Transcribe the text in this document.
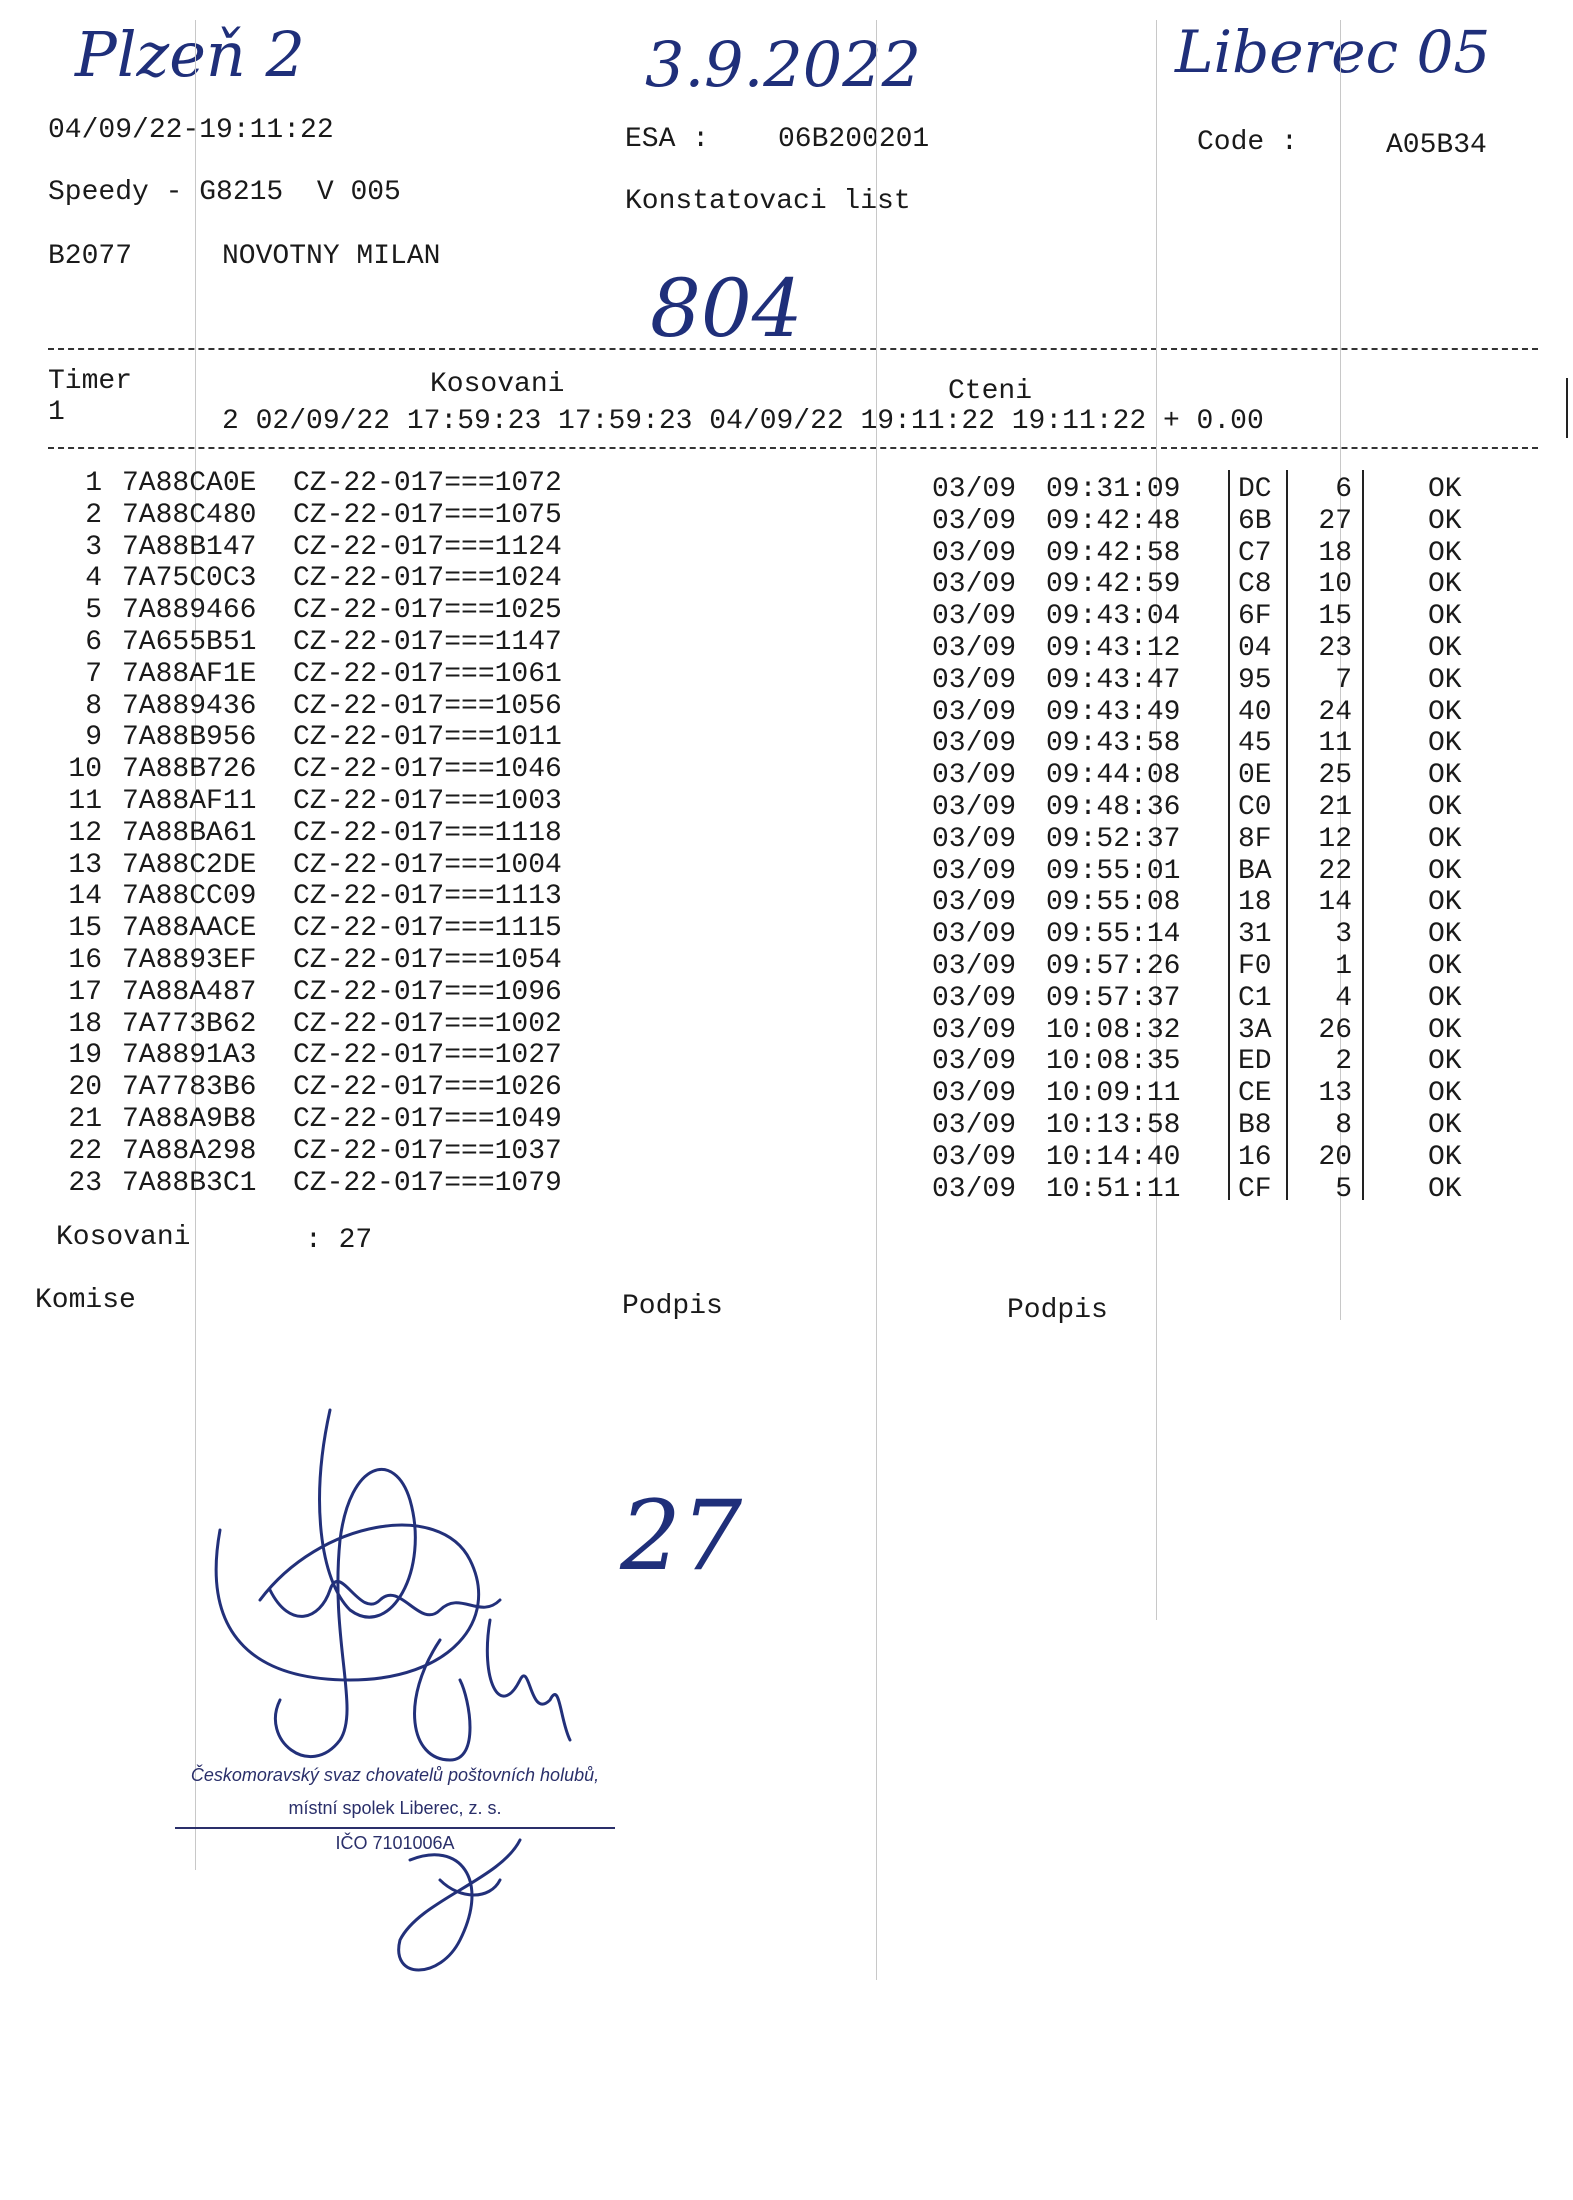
Plzeň 2	3.9.2022	Liberec 05
04/09/22-19:11:22	ESA : 06B200201	Code :	A05B34
Speedy - G8215  V 005	Konstatovaci list
B2077	NOVOTNY MILAN
804
Timer
1
Kosovani	Cteni
2 02/09/22 17:59:23 17:59:23 04/09/22 19:11:22 19:11:22 + 0.00
1 7A88CA0E CZ-22-017===1072	03/09 09:31:09 DC	6	OK
2 7A88C480 CZ-22-017===1075	03/09 09:42:48 6B	27	OK
3 7A88B147 CZ-22-017===1124	03/09 09:42:58 C7	18	OK
4 7A75C0C3 CZ-22-017===1024	03/09 09:42:59 C8	10	OK
5 7A889466 CZ-22-017===1025	03/09 09:43:04 6F	15	OK
6 7A655B51 CZ-22-017===1147	03/09 09:43:12 04	23	OK
7 7A88AF1E CZ-22-017===1061	03/09 09:43:47 95	7	OK
8 7A889436 CZ-22-017===1056	03/09 09:43:49 40	24	OK
9 7A88B956 CZ-22-017===1011	03/09 09:43:58 45	11	OK
10 7A88B726 CZ-22-017===1046	03/09 09:44:08 0E	25	OK
11 7A88AF11 CZ-22-017===1003	03/09 09:48:36 C0	21	OK
12 7A88BA61 CZ-22-017===1118	03/09 09:52:37 8F	12	OK
13 7A88C2DE CZ-22-017===1004	03/09 09:55:01 BA	22	OK
14 7A88CC09 CZ-22-017===1113	03/09 09:55:08 18	14	OK
15 7A88AACE CZ-22-017===1115	03/09 09:55:14 31	3	OK
16 7A8893EF CZ-22-017===1054	03/09 09:57:26 F0	1	OK
17 7A88A487 CZ-22-017===1096	03/09 09:57:37 C1	4	OK
18 7A773B62 CZ-22-017===1002	03/09 10:08:32 3A	26	OK
19 7A8891A3 CZ-22-017===1027	03/09 10:08:35 ED	2	OK
20 7A7783B6 CZ-22-017===1026	03/09 10:09:11 CE	13	OK
21 7A88A9B8 CZ-22-017===1049	03/09 10:13:58 B8	8	OK
22 7A88A298 CZ-22-017===1037	03/09 10:14:40 16	20	OK
23 7A88B3C1 CZ-22-017===1079	03/09 10:51:11 CF	5	OK
Kosovani	: 27
Komise	Podpis	Podpis
27
Českomoravský svaz chovatelů poštovních holubů,
místní spolek Liberec, z. s.
IČO 7101006A
